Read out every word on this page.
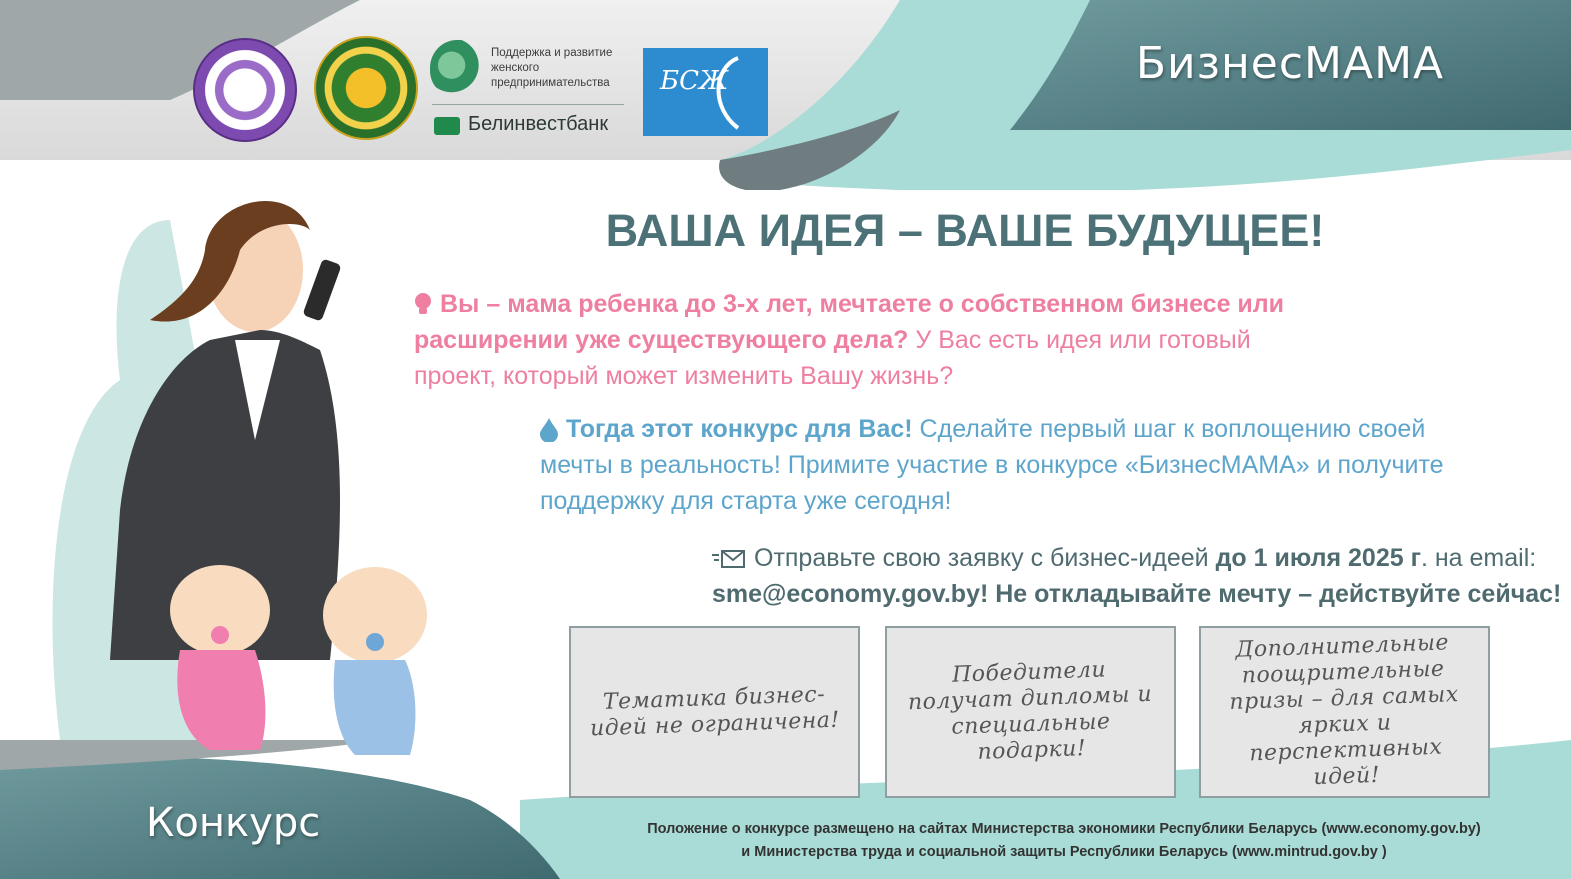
БизнесМАМА
Поддержка и развитие женского предпринимательства
Белинвестбанк
БСЖ
ВАША ИДЕЯ – ВАШЕ БУДУЩЕЕ!
Вы – мама ребенка до 3-х лет, мечтаете о собственном бизнесе или расширении уже существующего дела? У Вас есть идея или готовый проект, который может изменить Вашу жизнь?
Тогда этот конкурс для Вас! Сделайте первый шаг к воплощению своей мечты в реальность! Примите участие в конкурсе «БизнесМАМА» и получите поддержку для старта уже сегодня!
Отправьте свою заявку с бизнес-идеей до 1 июля 2025 г. на email:
sme@economy.gov.by! Не откладывайте мечту – действуйте сейчас!
Тематика бизнес-идей не ограничена!
Победители получат дипломы и специальные подарки!
Дополнительные поощрительные призы – для самых ярких и перспективных идей!
Конкурс	Положение о конкурсе размещено на сайтах Министерства экономики Республики Беларусь (www.economy.gov.by)
и Министерства труда и социальной защиты Республики Беларусь (www.mintrud.gov.by )
